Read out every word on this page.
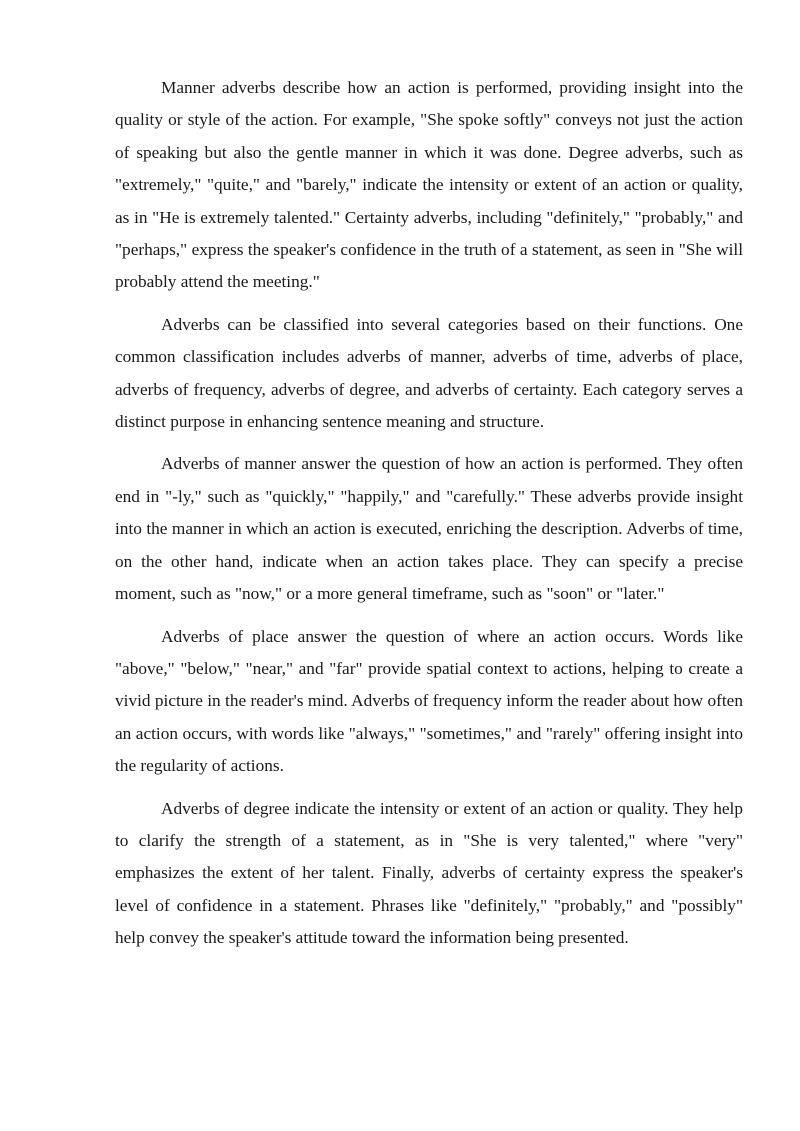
Manner adverbs describe how an action is performed, providing insight into the quality or style of the action. For example, "She spoke softly" conveys not just the action of speaking but also the gentle manner in which it was done. Degree adverbs, such as "extremely," "quite," and "barely," indicate the intensity or extent of an action or quality, as in "He is extremely talented." Certainty adverbs, including "definitely," "probably," and "perhaps," express the speaker's confidence in the truth of a statement, as seen in "She will probably attend the meeting."

Adverbs can be classified into several categories based on their functions. One common classification includes adverbs of manner, adverbs of time, adverbs of place, adverbs of frequency, adverbs of degree, and adverbs of certainty. Each category serves a distinct purpose in enhancing sentence meaning and structure.

Adverbs of manner answer the question of how an action is performed. They often end in "-ly," such as "quickly," "happily," and "carefully." These adverbs provide insight into the manner in which an action is executed, enriching the description. Adverbs of time, on the other hand, indicate when an action takes place. They can specify a precise moment, such as "now," or a more general timeframe, such as "soon" or "later."

Adverbs of place answer the question of where an action occurs. Words like "above," "below," "near," and "far" provide spatial context to actions, helping to create a vivid picture in the reader's mind. Adverbs of frequency inform the reader about how often an action occurs, with words like "always," "sometimes," and "rarely" offering insight into the regularity of actions.

Adverbs of degree indicate the intensity or extent of an action or quality. They help to clarify the strength of a statement, as in "She is very talented," where "very" emphasizes the extent of her talent. Finally, adverbs of certainty express the speaker's level of confidence in a statement. Phrases like "definitely," "probably," and "possibly" help convey the speaker's attitude toward the information being presented.
